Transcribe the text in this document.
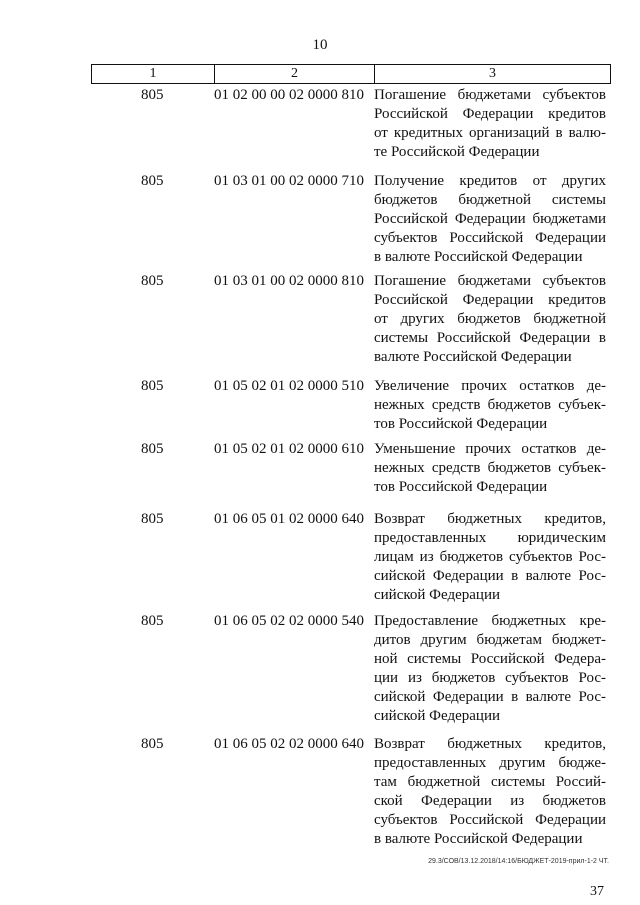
10
1	2	3
805	01 02 00 00 02 0000 810 Погашение бюджетами субъектов
Российской Федерации кредитов
от кредитных организаций в валю-
те Российской Федерации
805	01 03 01 00 02 0000 710 Получение кредитов от других
бюджетов бюджетной системы
Российской Федерации бюджетами
субъектов Российской Федерации
в валюте Российской Федерации
805	01 03 01 00 02 0000 810 Погашение бюджетами субъектов
Российской Федерации кредитов
от других бюджетов бюджетной
системы Российской Федерации в
валюте Российской Федерации
805	01 05 02 01 02 0000 510 Увеличение прочих остатков де-
нежных средств бюджетов субъек-
тов Российской Федерации
805	01 05 02 01 02 0000 610 Уменьшение прочих остатков де-
нежных средств бюджетов субъек-
тов Российской Федерации
805	01 06 05 01 02 0000 640 Возврат бюджетных кредитов,
предоставленных юридическим
лицам из бюджетов субъектов Рос-
сийской Федерации в валюте Рос-
сийской Федерации
805	01 06 05 02 02 0000 540 Предоставление бюджетных кре-
дитов другим бюджетам бюджет-
ной системы Российской Федера-
ции из бюджетов субъектов Рос-
сийской Федерации в валюте Рос-
сийской Федерации
805	01 06 05 02 02 0000 640 Возврат бюджетных кредитов,
предоставленных другим бюдже-
там бюджетной системы Россий-
ской Федерации из бюджетов
субъектов Российской Федерации
в валюте Российской Федерации
29.3/СОВ/13.12.2018/14:16/БЮДЖЕТ-2019-прил-1-2 ЧТ.
37
